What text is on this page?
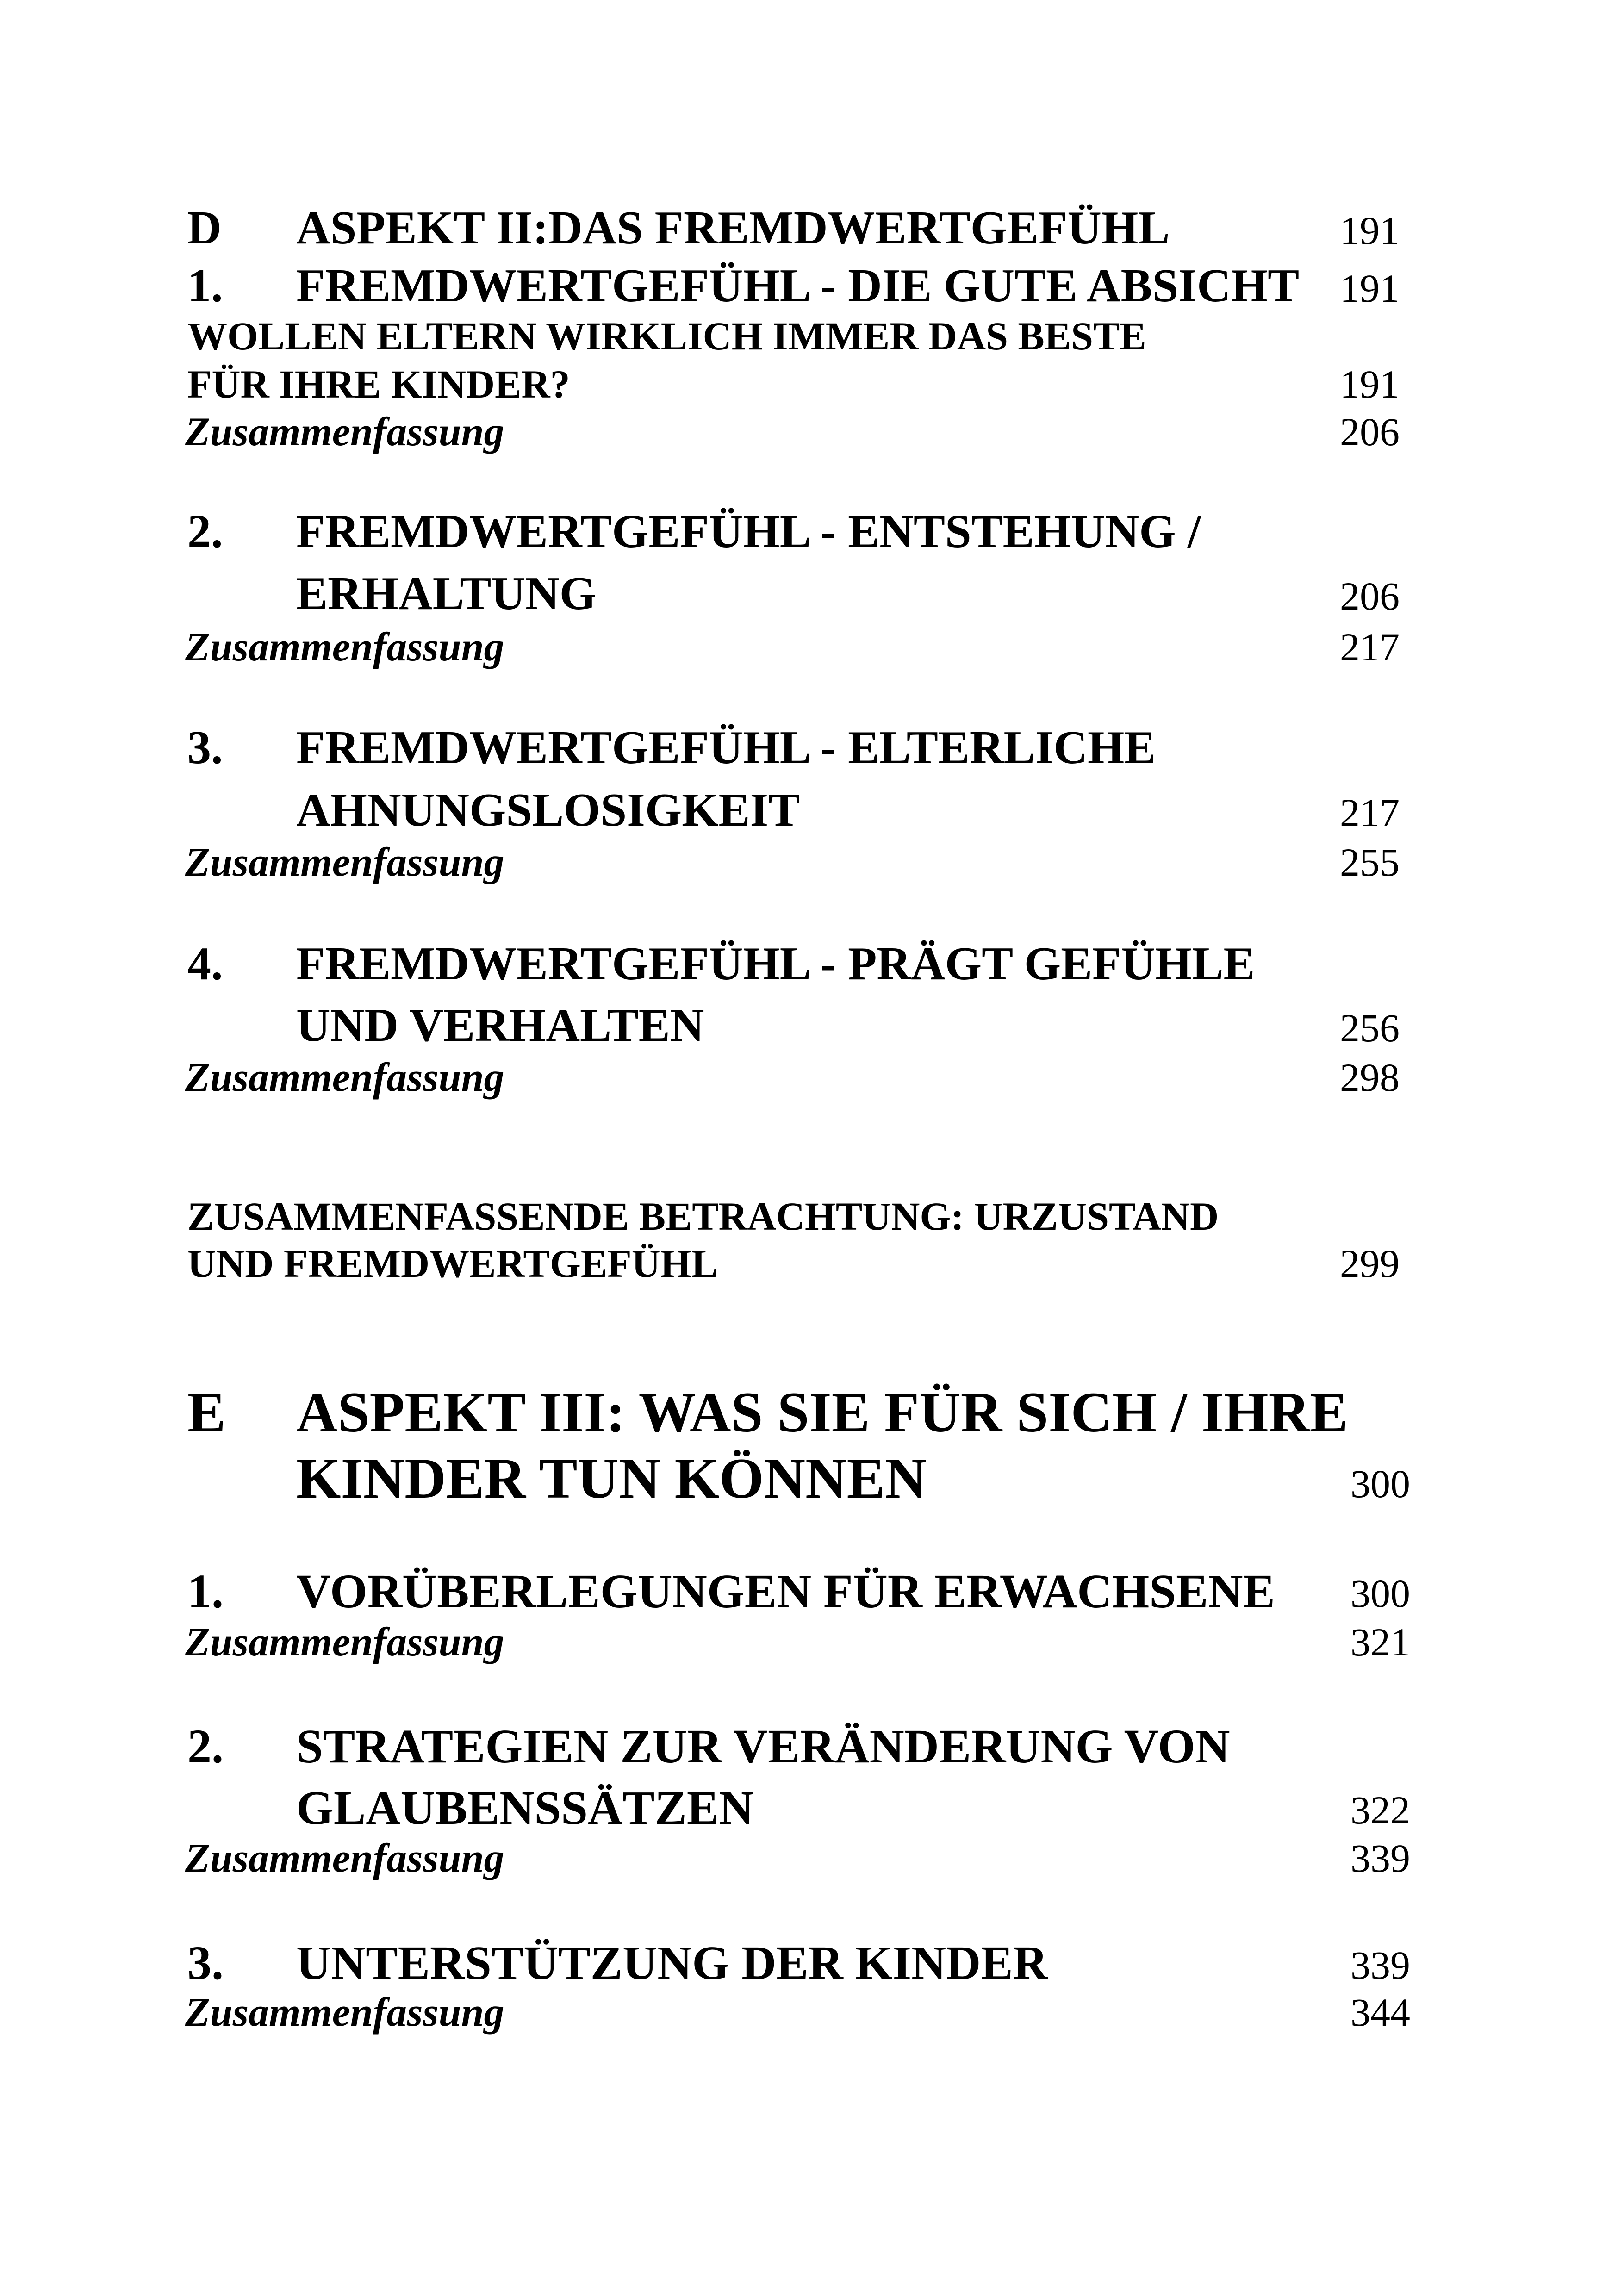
D ASPEKT II:DAS FREMDWERTGEFÜHL	191
1. FREMDWERTGEFÜHL - DIE GUTE ABSICHT 191
WOLLEN ELTERN WIRKLICH IMMER DAS BESTE
FÜR IHRE KINDER?	191
Zusammenfassung	206
2. FREMDWERTGEFÜHL - ENTSTEHUNG /
ERHALTUNG	206
Zusammenfassung	217
3. FREMDWERTGEFÜHL - ELTERLICHE
AHNUNGSLOSIGKEIT	217
Zusammenfassung	255
4. FREMDWERTGEFÜHL - PRÄGT GEFÜHLE
UND VERHALTEN	256
Zusammenfassung	298
ZUSAMMENFASSENDE BETRACHTUNG: URZUSTAND
UND FREMDWERTGEFÜHL	299
E ASPEKT III: WAS SIE FÜR SICH / IHRE
KINDER TUN KÖNNEN	300
1. VORÜBERLEGUNGEN FÜR ERWACHSENE 300
Zusammenfassung	321
2. STRATEGIEN ZUR VERÄNDERUNG VON
GLAUBENSSÄTZEN	322
Zusammenfassung	339
3. UNTERSTÜTZUNG DER KINDER	339
Zusammenfassung	344
